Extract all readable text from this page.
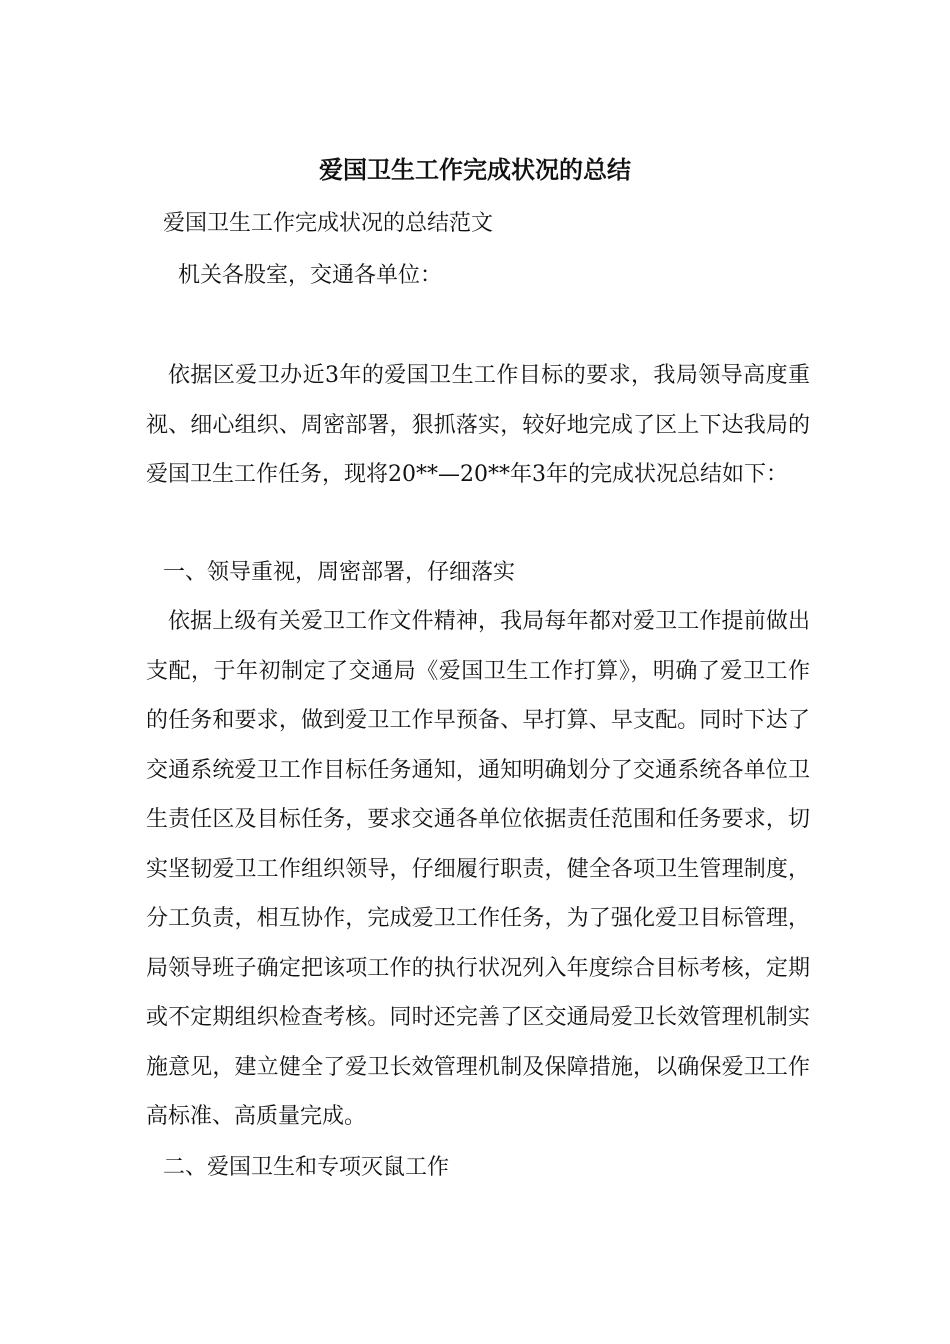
爱国卫生工作完成状况的总结
爱国卫生工作完成状况的总结范文
机关各股室，交通各单位：
依据区爱卫办近3年的爱国卫生工作目标的要求，我局领导高度重视、细心组织、周密部署，狠抓落实，较好地完成了区上下达我局的爱国卫生工作任务，现将20**—20**年3年的完成状况总结如下：
一、领导重视，周密部署，仔细落实
依据上级有关爱卫工作文件精神，我局每年都对爱卫工作提前做出支配，于年初制定了交通局《爱国卫生工作打算》，明确了爱卫工作的任务和要求，做到爱卫工作早预备、早打算、早支配。同时下达了交通系统爱卫工作目标任务通知，通知明确划分了交通系统各单位卫生责任区及目标任务，要求交通各单位依据责任范围和任务要求，切实坚韧爱卫工作组织领导，仔细履行职责，健全各项卫生管理制度，分工负责，相互协作，完成爱卫工作任务，为了强化爱卫目标管理，局领导班子确定把该项工作的执行状况列入年度综合目标考核，定期或不定期组织检查考核。同时还完善了区交通局爱卫长效管理机制实施意见，建立健全了爱卫长效管理机制及保障措施，以确保爱卫工作高标准、高质量完成。
二、爱国卫生和专项灭鼠工作
